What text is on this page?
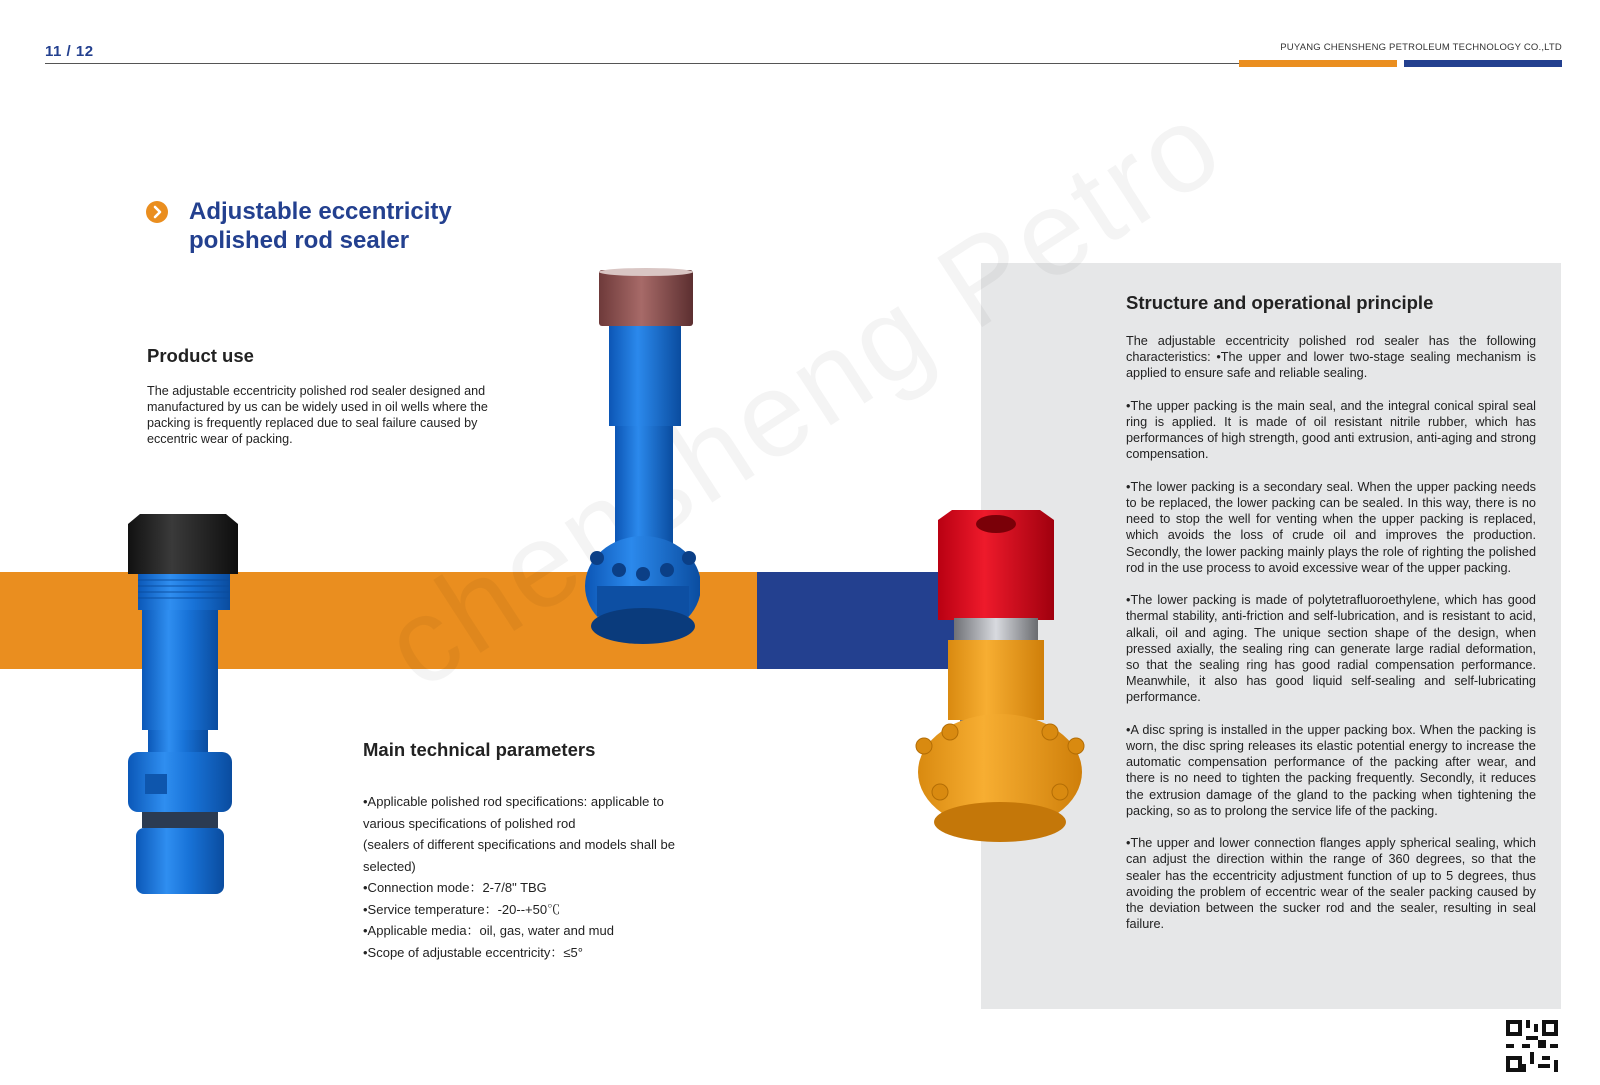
11 / 12	PUYANG CHENSHENG PETROLEUM TECHNOLOGY CO.,LTD
Adjustable eccentricity
polished rod sealer
Product use
The adjustable eccentricity polished rod sealer designed and manufactured by us can be widely used in oil wells where the packing is frequently replaced due to seal failure caused by eccentric wear of packing.
Main technical parameters
•Applicable polished rod specifications: applicable to various specifications of polished rod
(sealers of different specifications and models shall be selected)
•Connection mode：2-7/8" TBG
•Service temperature：-20--+50℃
•Applicable media：oil, gas, water and mud
•Scope of adjustable eccentricity：≤5°
Structure and operational principle

The adjustable eccentricity polished rod sealer has the following characteristics: •The upper and lower two-stage sealing mechanism is applied to ensure safe and reliable sealing.

•The upper packing is the main seal, and the integral conical spiral seal ring is applied. It is made of oil resistant nitrile rubber, which has performances of high strength, good anti extrusion, anti-aging and strong compensation.

•The lower packing is a secondary seal. When the upper packing needs to be replaced, the lower packing can be sealed. In this way, there is no need to stop the well for venting when the upper packing is replaced, which avoids the loss of crude oil and improves the production. Secondly, the lower packing mainly plays the role of righting the polished rod in the use process to avoid excessive wear of the upper packing.

•The lower packing is made of polytetrafluoroethylene, which has good thermal stability, anti-friction and self-lubrication, and is resistant to acid, alkali, oil and aging. The unique section shape of the design, when pressed axially, the sealing ring can generate large radial deformation, so that the sealing ring has good radial compensation performance. Meanwhile, it also has good liquid self-sealing and self-lubricating performance.

•A disc spring is installed in the upper packing box. When the packing is worn, the disc spring releases its elastic potential energy to increase the automatic compensation performance of the packing after wear, and there is no need to tighten the packing frequently. Secondly, it reduces the extrusion damage of the gland to the packing when tightening the packing, so as to prolong the service life of the packing.

•The upper and lower connection flanges apply spherical sealing, which can adjust the direction within the range of 360 degrees, so that the sealer has the eccentricity adjustment function of up to 5 degrees, thus avoiding the problem of eccentric wear of the sealer packing caused by the deviation between the sucker rod and the sealer, resulting in seal failure.
